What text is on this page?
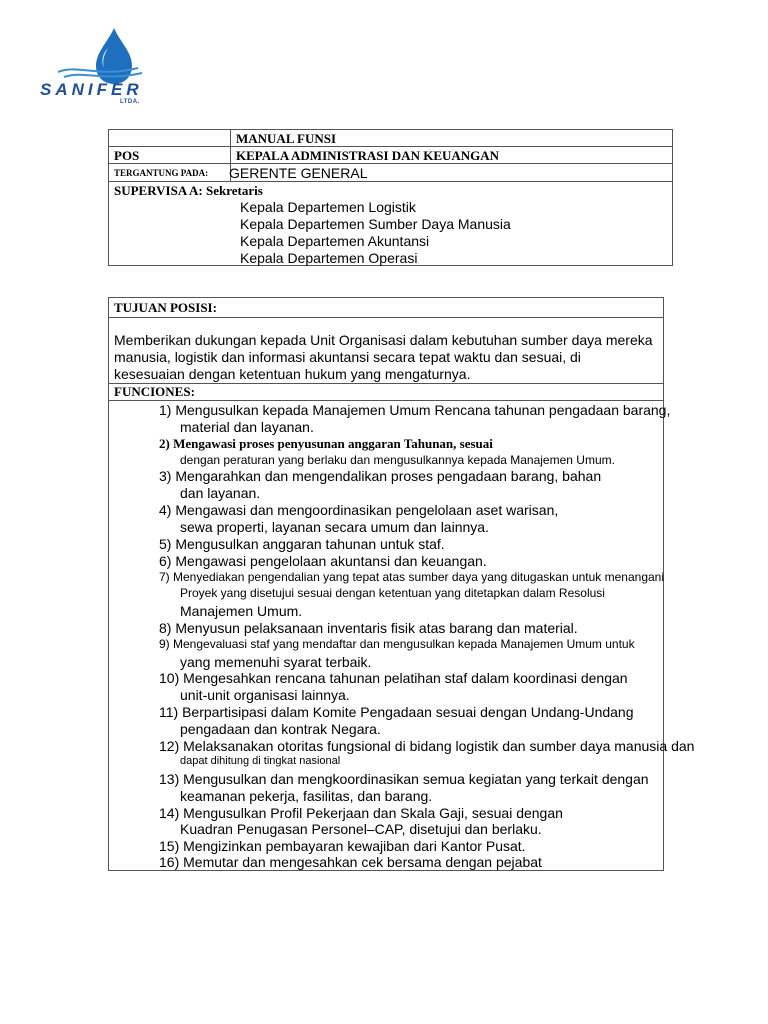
SANIFER
LTDA.
MANUAL FUNSI
POS	KEPALA ADMINISTRASI DAN KEUANGAN
TERGANTUNG PADA: GERENTE GENERAL
SUPERVISA A: Sekretaris
Kepala Departemen Logistik
Kepala Departemen Sumber Daya Manusia
Kepala Departemen Akuntansi
Kepala Departemen Operasi
TUJUAN POSISI:
Memberikan dukungan kepada Unit Organisasi dalam kebutuhan sumber daya mereka
manusia, logistik dan informasi akuntansi secara tepat waktu dan sesuai, di
kesesuaian dengan ketentuan hukum yang mengaturnya.
FUNCIONES:
1) Mengusulkan kepada Manajemen Umum Rencana tahunan pengadaan barang,
material dan layanan.
2) Mengawasi proses penyusunan anggaran Tahunan, sesuai
dengan peraturan yang berlaku dan mengusulkannya kepada Manajemen Umum.
3) Mengarahkan dan mengendalikan proses pengadaan barang, bahan
dan layanan.
4) Mengawasi dan mengoordinasikan pengelolaan aset warisan,
sewa properti, layanan secara umum dan lainnya.
5) Mengusulkan anggaran tahunan untuk staf.
6) Mengawasi pengelolaan akuntansi dan keuangan.
7) Menyediakan pengendalian yang tepat atas sumber daya yang ditugaskan untuk menangani
Proyek yang disetujui sesuai dengan ketentuan yang ditetapkan dalam Resolusi
Manajemen Umum.
8) Menyusun pelaksanaan inventaris fisik atas barang dan material.
9) Mengevaluasi staf yang mendaftar dan mengusulkan kepada Manajemen Umum untuk
yang memenuhi syarat terbaik.
10) Mengesahkan rencana tahunan pelatihan staf dalam koordinasi dengan
unit-unit organisasi lainnya.
11) Berpartisipasi dalam Komite Pengadaan sesuai dengan Undang-Undang
pengadaan dan kontrak Negara.
12) Melaksanakan otoritas fungsional di bidang logistik dan sumber daya manusia dan
dapat dihitung di tingkat nasional
13) Mengusulkan dan mengkoordinasikan semua kegiatan yang terkait dengan
keamanan pekerja, fasilitas, dan barang.
14) Mengusulkan Profil Pekerjaan dan Skala Gaji, sesuai dengan
Kuadran Penugasan Personel–CAP, disetujui dan berlaku.
15) Mengizinkan pembayaran kewajiban dari Kantor Pusat.
16) Memutar dan mengesahkan cek bersama dengan pejabat
